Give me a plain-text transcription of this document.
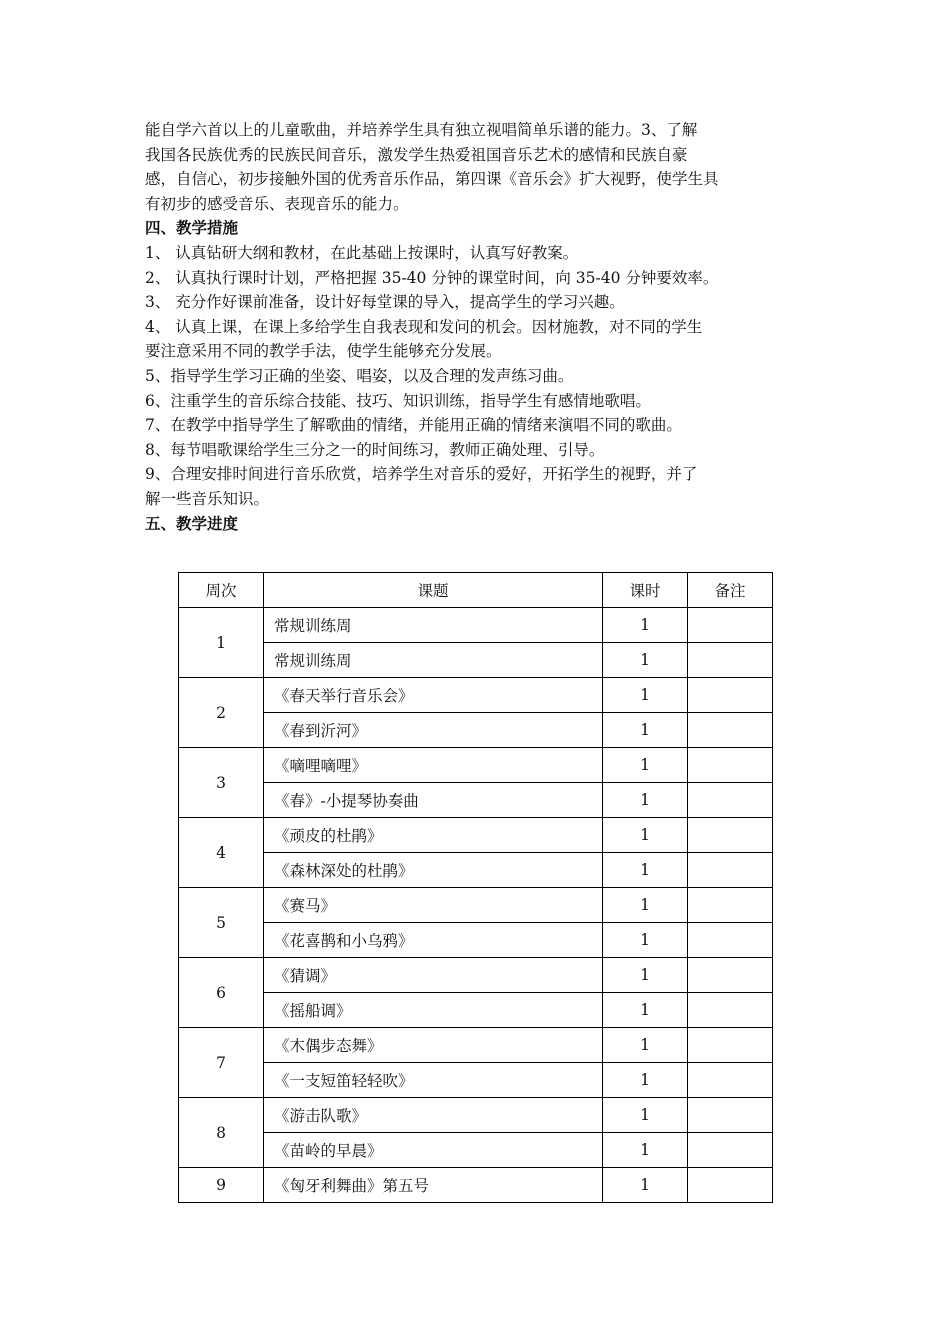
能自学六首以上的儿童歌曲，并培养学生具有独立视唱简单乐谱的能力。3、了解

我国各民族优秀的民族民间音乐，激发学生热爱祖国音乐艺术的感情和民族自豪

感，自信心，初步接触外国的优秀音乐作品，第四课《音乐会》扩大视野，使学生具

有初步的感受音乐、表现音乐的能力。

四、教学措施

1、 认真钻研大纲和教材，在此基础上按课时，认真写好教案。

2、 认真执行课时计划，严格把握 35-40 分钟的课堂时间，向 35-40 分钟要效率。

3、 充分作好课前准备，设计好每堂课的导入，提高学生的学习兴趣。

4、 认真上课，在课上多给学生自我表现和发问的机会。因材施教，对不同的学生

要注意采用不同的教学手法，使学生能够充分发展。

5、指导学生学习正确的坐姿、唱姿，以及合理的发声练习曲。

6、注重学生的音乐综合技能、技巧、知识训练，指导学生有感情地歌唱。

7、在教学中指导学生了解歌曲的情绪，并能用正确的情绪来演唱不同的歌曲。

8、每节唱歌课给学生三分之一的时间练习，教师正确处理、引导。

9、合理安排时间进行音乐欣赏，培养学生对音乐的爱好，开拓学生的视野，并了

解一些音乐知识。

五、教学进度
周次	课题	课时	备注
1	常规训练周	1	
	常规训练周	1	
2	《春天举行音乐会》	1	
	《春到沂河》	1	
3	《嘀哩嘀哩》	1	
	《春》-小提琴协奏曲	1	
4	《顽皮的杜鹃》	1	
	《森林深处的杜鹃》	1	
5	《赛马》	1	
	《花喜鹊和小乌鸦》	1	
6	《猜调》	1	
	《摇船调》	1	
7	《木偶步态舞》	1	
	《一支短笛轻轻吹》	1	
8	《游击队歌》	1	
	《苗岭的早晨》	1	
9	《匈牙利舞曲》第五号	1	
